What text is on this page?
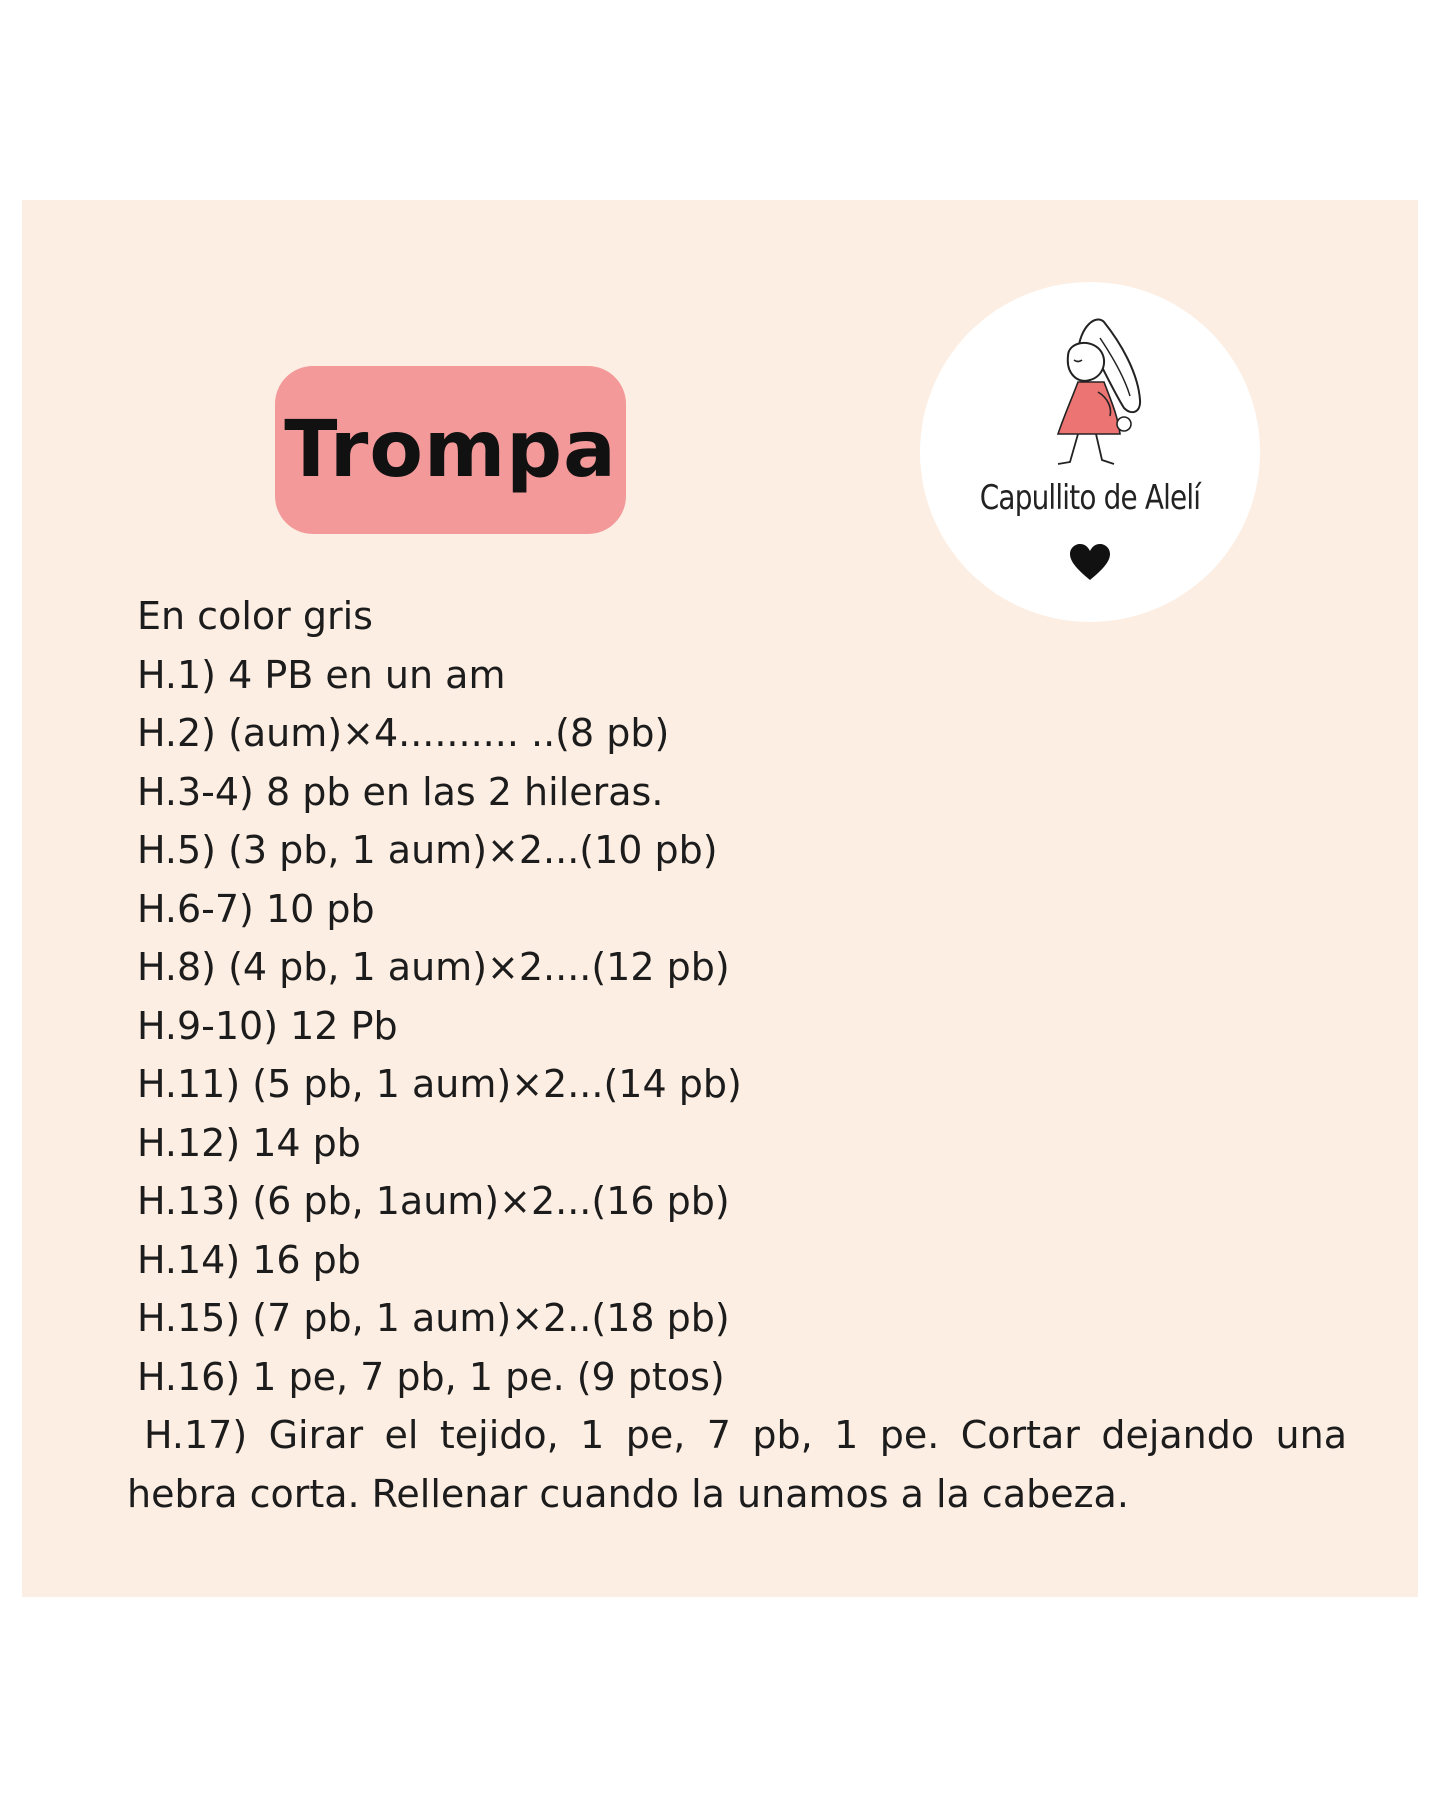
Trompa
Capullito de Alelí
En color gris
H.1) 4 PB en un am
H.2) (aum)×4.......... ..(8 pb)
H.3-4) 8 pb en las 2 hileras.
H.5) (3 pb, 1 aum)×2...(10 pb)
H.6-7) 10 pb
H.8) (4 pb, 1 aum)×2....(12 pb)
H.9-10) 12 Pb
H.11) (5 pb, 1 aum)×2...(14 pb)
H.12) 14 pb
H.13) (6 pb, 1aum)×2...(16 pb)
H.14) 16 pb
H.15) (7 pb, 1 aum)×2..(18 pb)
H.16) 1 pe, 7 pb, 1 pe. (9 ptos)
H.17) Girar el tejido, 1 pe, 7 pb, 1 pe. Cortar dejando una hebra corta. Rellenar cuando la unamos a la cabeza.
